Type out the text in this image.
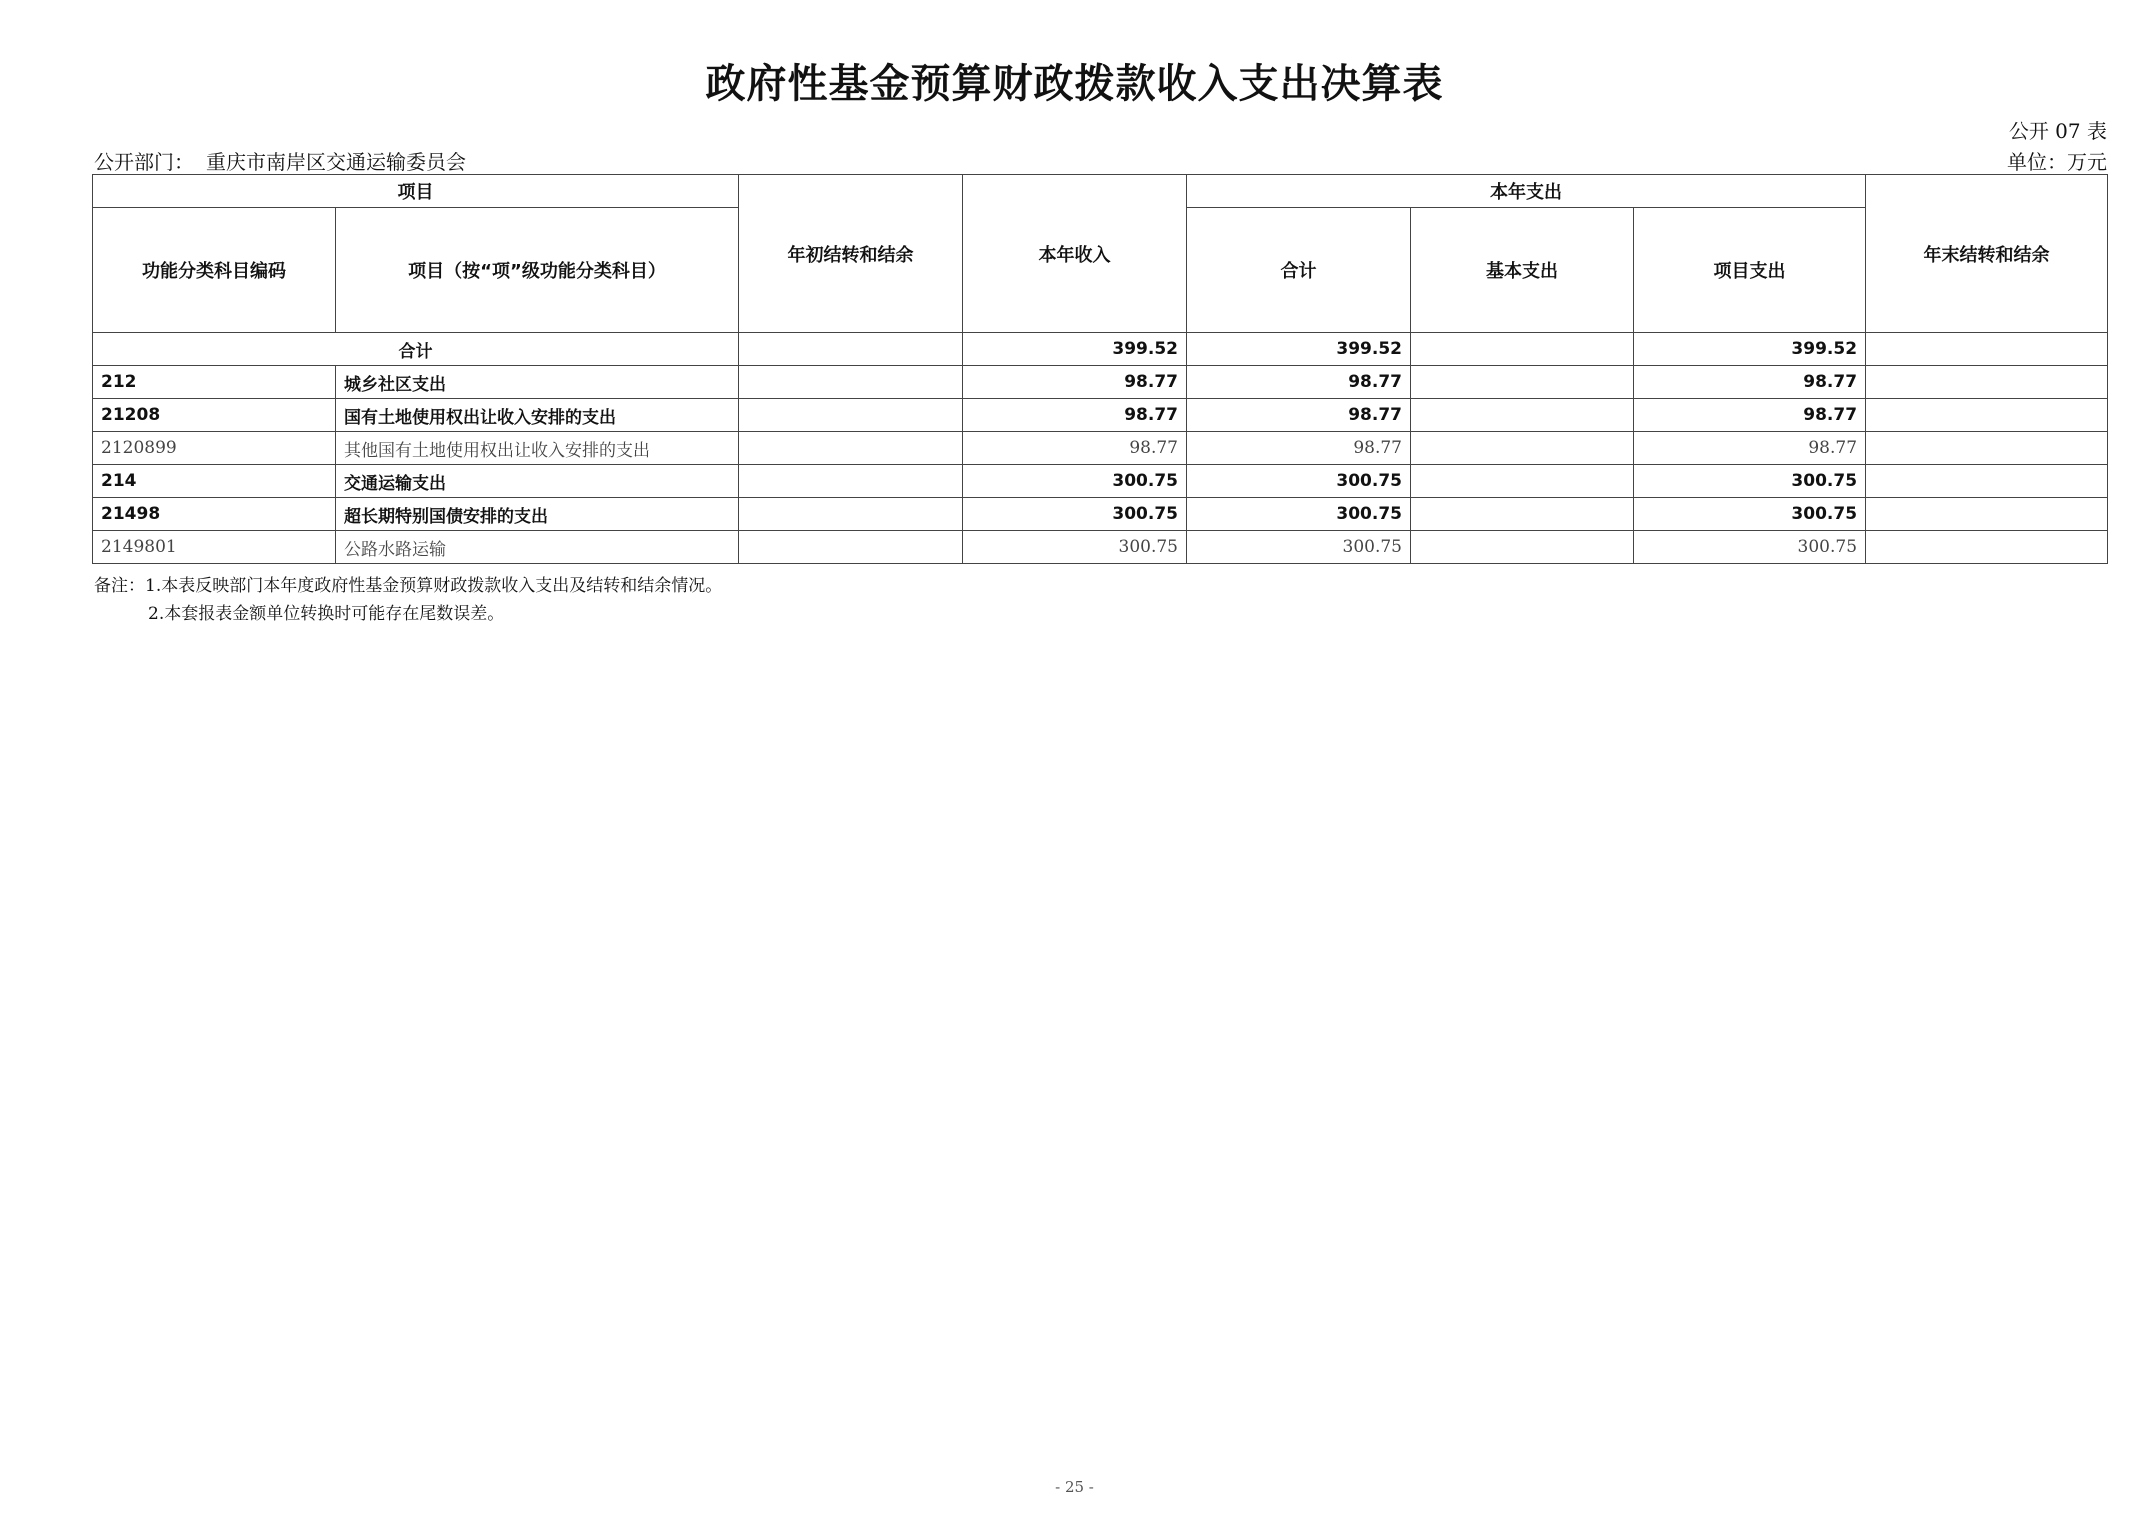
政府性基金预算财政拨款收入支出决算表
公开 07 表
公开部门： 重庆市南岸区交通运输委员会	单位：万元
项目		年初结转和结余	本年收入	本年支出			年末结转和结余
功能分类科目编码	项目（按“项”级功能分类科目）			合计	基本支出	项目支出	
合计			399.52	399.52		399.52	
212	城乡社区支出		98.77	98.77		98.77	
21208	国有土地使用权出让收入安排的支出		98.77	98.77		98.77	
2120899	其他国有土地使用权出让收入安排的支出		98.77	98.77		98.77	
214	交通运输支出		300.75	300.75		300.75	
21498	超长期特别国债安排的支出		300.75	300.75		300.75	
2149801	公路水路运输		300.75	300.75		300.75	
备注：1.本表反映部门本年度政府性基金预算财政拨款收入支出及结转和结余情况。
2.本套报表金额单位转换时可能存在尾数误差。
- 25 -
